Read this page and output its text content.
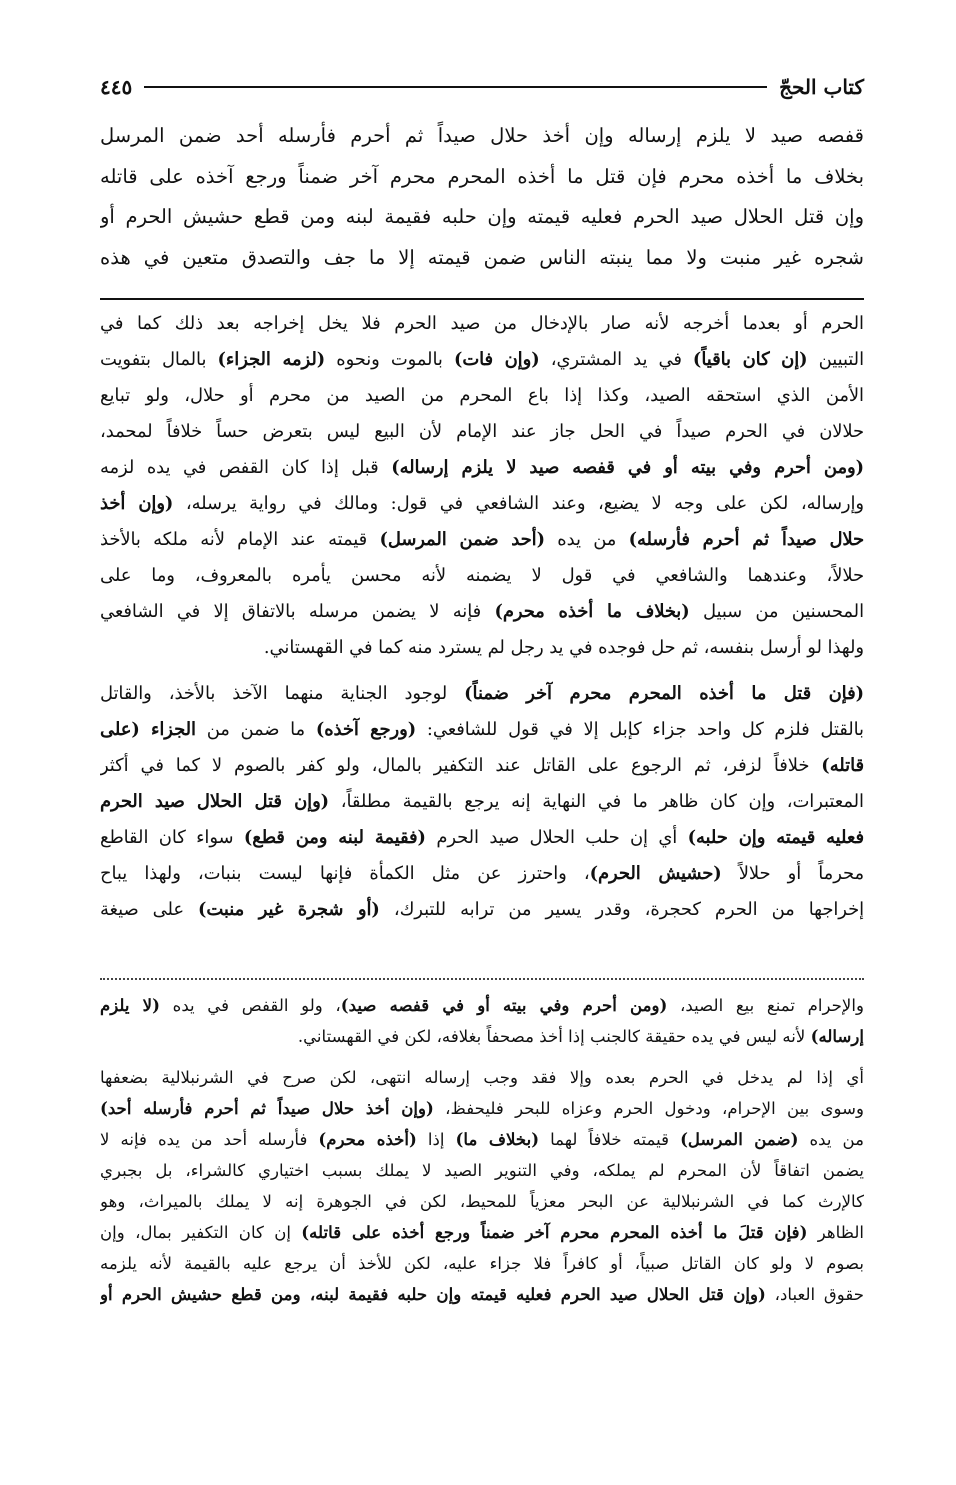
كتاب الحجّ
٤٤٥
قفصه صيد لا يلزم إرساله وإن أخذ حلال صيداً ثم أحرم فأرسله أحد ضمن المرسل
بخلاف ما أخذه محرم فإن قتل ما أخذه المحرم محرم آخر ضمناً ورجع آخذه على قاتله
وإن قتل الحلال صيد الحرم فعليه قيمته وإن حلبه فقيمة لبنه ومن قطع حشيش الحرم أو
شجره غير منبت ولا مما ينبته الناس ضمن قيمته إلا ما جف والتصدق متعين في هذه
الحرم أو بعدما أخرجه لأنه صار بالإدخال من صيد الحرم فلا يخل إخراجه بعد ذلك كما في
التبيين (إن كان باقياً) في يد المشتري، (وإن فات) بالموت ونحوه (لزمه الجزاء) بالمال بتفويت
الأمن الذي استحقه الصيد، وكذا إذا باع المحرم من الصيد من محرم أو حلال، ولو تبايع
حلالان في الحرم صيداً في الحل جاز عند الإمام لأن البيع ليس بتعرض حساً خلافاً لمحمد،
(ومن أحرم وفي بيته أو في قفصه صيد لا يلزم إرساله) قبل إذا كان القفص في يده لزمه
وإرساله، لكن على وجه لا يضيع، وعند الشافعي في قول: ومالك في رواية يرسله، (وإن أخذ
حلال صيداً ثم أحرم فأرسله) من يده (أحد ضمن المرسل) قيمته عند الإمام لأنه ملكه بالأخذ
حلالاً، وعندهما والشافعي في قول لا يضمنه لأنه محسن يأمره بالمعروف، وما على
المحسنين من سبيل (بخلاف ما أخذه محرم) فإنه لا يضمن مرسله بالاتفاق إلا في الشافعي
ولهذا لو أرسل بنفسه، ثم حل فوجده في يد رجل لم يسترد منه كما في القهستاني.
(فإن قتل ما أخذه المحرم محرم آخر ضمناً) لوجود الجناية منهما الآخذ بالأخذ، والقاتل
بالقتل فلزم كل واحد جزاء كإبل إلا في قول للشافعي: (ورجع آخذه) ما ضمن من الجزاء (على
قاتله) خلافاً لزفر، ثم الرجوع على القاتل عند التكفير بالمال، ولو كفر بالصوم لا كما في أكثر
المعتبرات، وإن كان ظاهر ما في النهاية إنه يرجع بالقيمة مطلقاً، (وإن قتل الحلال صيد الحرم
فعليه قيمته وإن حلبه) أي إن حلب الحلال صيد الحرم (فقيمة لبنه ومن قطع) سواء كان القاطع
محرماً أو حلالاً (حشيش الحرم)، واحترز عن مثل الكمأة فإنها ليست بنبات، ولهذا يباح
إخراجها من الحرم كحجرة، وقدر يسير من ترابه للتبرك، (أو شجرة غير منبت) على صيغة
والإحرام تمنع بيع الصيد، (ومن أحرم وفي بيته أو في قفصه صيد)، ولو القفص في يده (لا يلزم
إرساله) لأنه ليس في يده حقيقة كالجنب إذا أخذ مصحفاً بغلافه، لكن في القهستاني.
أي إذا لم يدخل في الحرم بعده وإلا فقد وجب إرساله انتهى، لكن صرح في الشرنبلالية بضعفها
وسوى بين الإحرام، ودخول الحرم وعزاه للبحر فليحفظ، (وإن أخذ حلال صيداً ثم أحرم فأرسله أحد)
من يده (ضمن المرسل) قيمته خلافاً لهما (بخلاف ما) إذا (أخذه محرم) فأرسله أحد من يده فإنه لا
يضمن اتفاقاً لأن المحرم لم يملكه، وفي التنوير الصيد لا يملك بسبب اختياري كالشراء، بل بجبري
كالإرث كما في الشرنبلالية عن البحر معزياً للمحيط، لكن في الجوهرة إنه لا يملك بالميراث، وهو
الظاهر (فإن قتلَ ما أخذه المحرم محرم آخر ضمناً ورجع أخذه على قاتله) إن كان التكفير بمال، وإن
بصوم لا ولو كان القاتل صبياً، أو كافراً فلا جزاء عليه، لكن للأخذ أن يرجع عليه بالقيمة لأنه يلزمه
حقوق العباد، (وإن قتل الحلال صيد الحرم فعليه قيمته وإن حلبه فقيمة لبنه، ومن قطع حشيش الحرم أو
